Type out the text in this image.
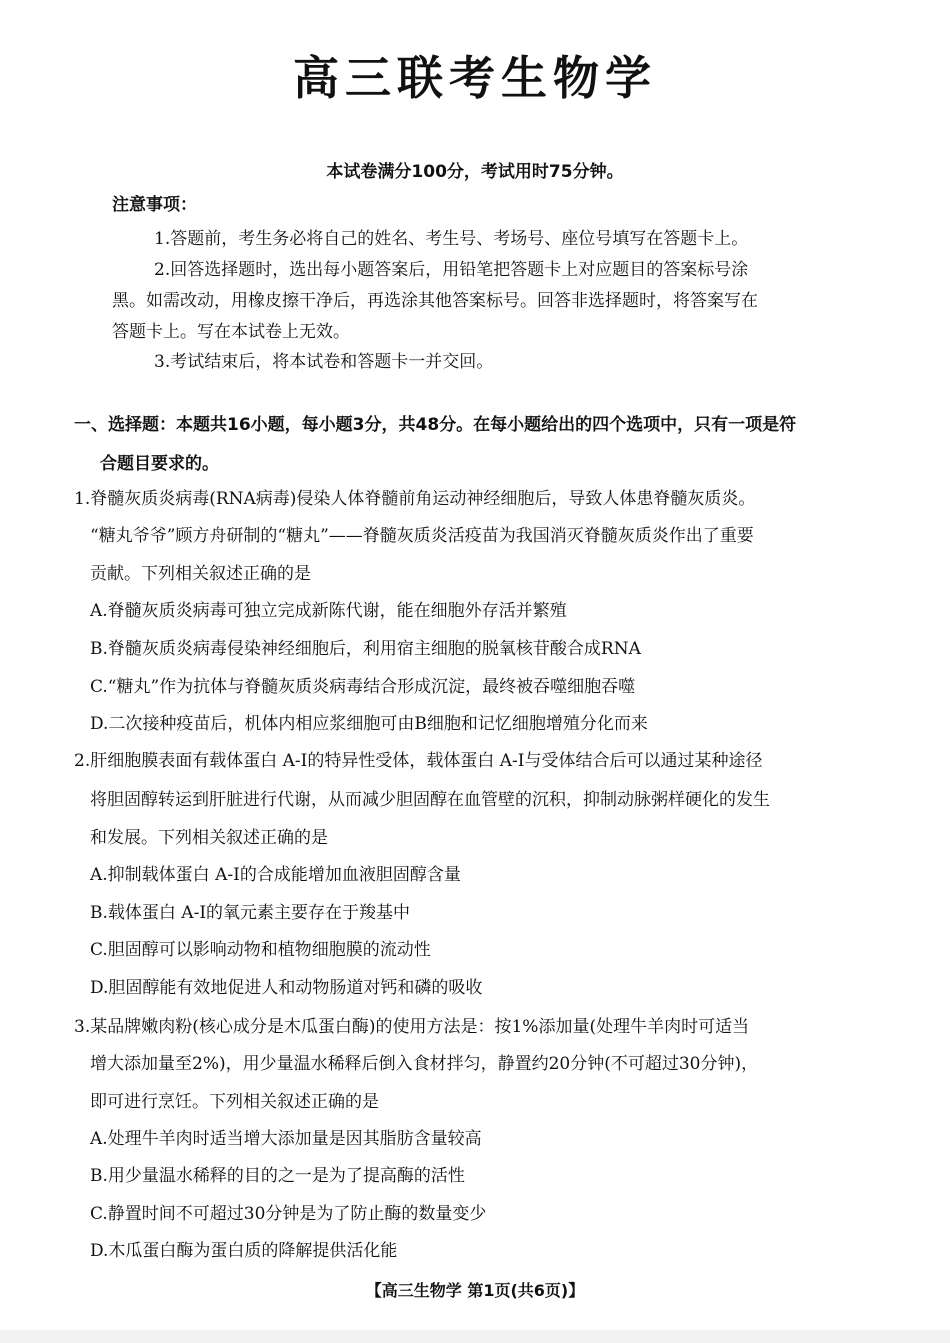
高三联考生物学
本试卷满分100分，考试用时75分钟。
注意事项：
1.答题前，考生务必将自己的姓名、考生号、考场号、座位号填写在答题卡上。
2.回答选择题时，选出每小题答案后，用铅笔把答题卡上对应题目的答案标号涂
黑。如需改动，用橡皮擦干净后，再选涂其他答案标号。回答非选择题时，将答案写在
答题卡上。写在本试卷上无效。
3.考试结束后，将本试卷和答题卡一并交回。
一、选择题：本题共16小题，每小题3分，共48分。在每小题给出的四个选项中，只有一项是符
合题目要求的。
1.脊髓灰质炎病毒(RNA病毒)侵染人体脊髓前角运动神经细胞后，导致人体患脊髓灰质炎。
“糖丸爷爷”顾方舟研制的“糖丸”——脊髓灰质炎活疫苗为我国消灭脊髓灰质炎作出了重要
贡献。下列相关叙述正确的是
A.脊髓灰质炎病毒可独立完成新陈代谢，能在细胞外存活并繁殖
B.脊髓灰质炎病毒侵染神经细胞后，利用宿主细胞的脱氧核苷酸合成RNA
C.“糖丸”作为抗体与脊髓灰质炎病毒结合形成沉淀，最终被吞噬细胞吞噬
D.二次接种疫苗后，机体内相应浆细胞可由B细胞和记忆细胞增殖分化而来
2.肝细胞膜表面有载体蛋白 A-I的特异性受体，载体蛋白 A-I与受体结合后可以通过某种途径
将胆固醇转运到肝脏进行代谢，从而减少胆固醇在血管壁的沉积，抑制动脉粥样硬化的发生
和发展。下列相关叙述正确的是
A.抑制载体蛋白 A-I的合成能增加血液胆固醇含量
B.载体蛋白 A-I的氧元素主要存在于羧基中
C.胆固醇可以影响动物和植物细胞膜的流动性
D.胆固醇能有效地促进人和动物肠道对钙和磷的吸收
3.某品牌嫩肉粉(核心成分是木瓜蛋白酶)的使用方法是：按1%添加量(处理牛羊肉时可适当
增大添加量至2%)，用少量温水稀释后倒入食材拌匀，静置约20分钟(不可超过30分钟)，
即可进行烹饪。下列相关叙述正确的是
A.处理牛羊肉时适当增大添加量是因其脂肪含量较高
B.用少量温水稀释的目的之一是为了提高酶的活性
C.静置时间不可超过30分钟是为了防止酶的数量变少
D.木瓜蛋白酶为蛋白质的降解提供活化能
【高三生物学 第1页(共6页)】
